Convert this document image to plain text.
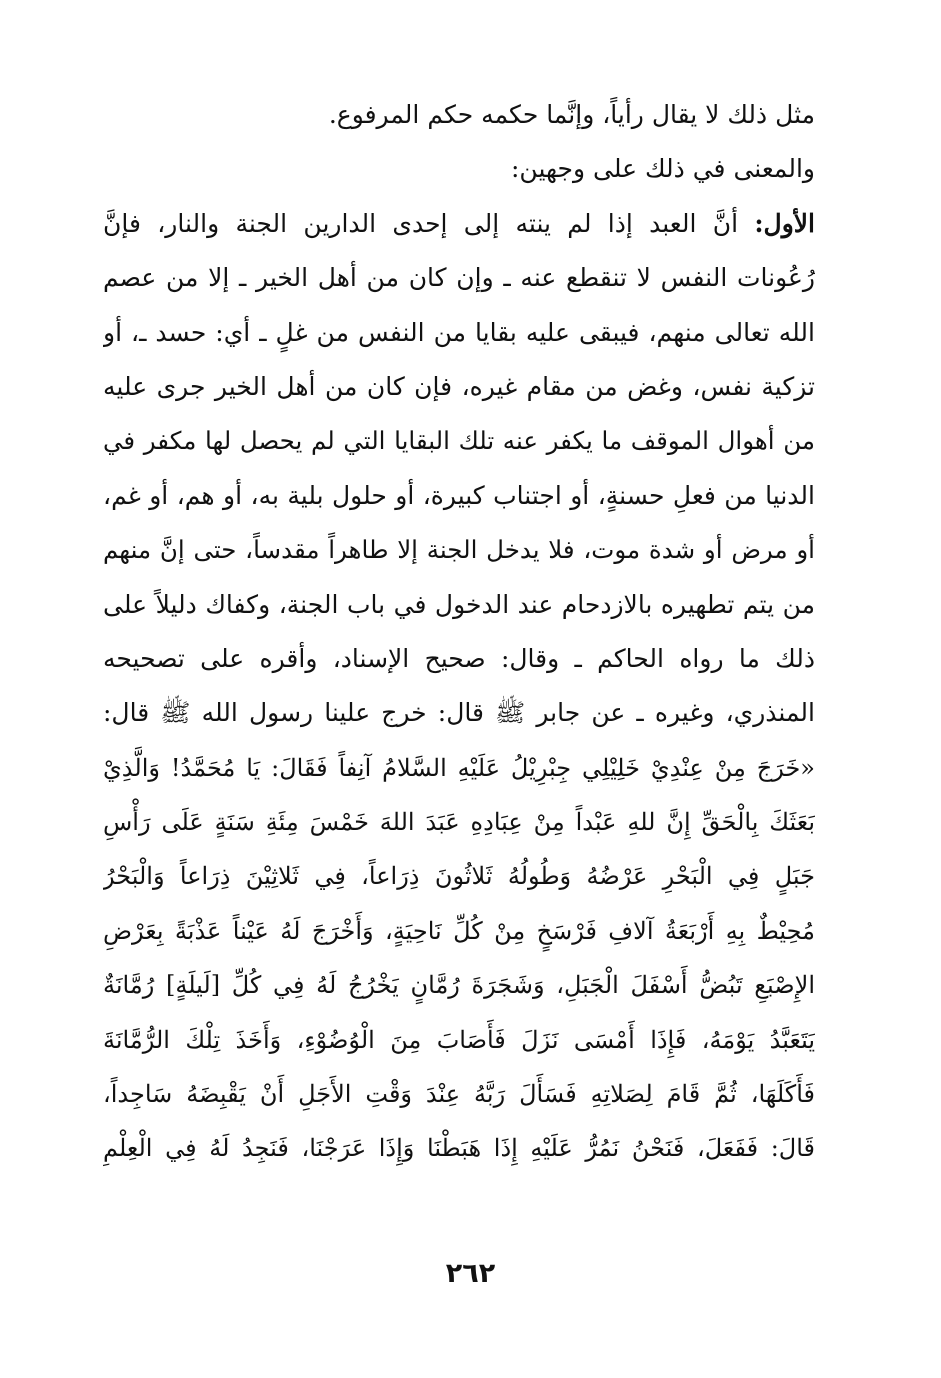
مثل ذلك لا يقال رأياً، وإنَّما حكمه حكم المرفوع.
والمعنى في ذلك على وجهين:
الأول: أنَّ العبد إذا لم ينته إلى إحدى الدارين الجنة والنار، فإنَّ
رُعُونات النفس لا تنقطع عنه ـ وإن كان من أهل الخير ـ إلا من عصم
الله تعالى منهم، فيبقى عليه بقايا من النفس من غلٍ ـ أي: حسد ـ، أو
تزكية نفس، وغض من مقام غيره، فإن كان من أهل الخير جرى عليه
من أهوال الموقف ما يكفر عنه تلك البقايا التي لم يحصل لها مكفر في
الدنيا من فعلِ حسنةٍ، أو اجتناب كبيرة، أو حلول بلية به، أو هم، أو غم،
أو مرض أو شدة موت، فلا يدخل الجنة إلا طاهراً مقدساً، حتى إنَّ منهم
من يتم تطهيره بالازدحام عند الدخول في باب الجنة، وكفاك دليلاً على
ذلك ما رواه الحاكم ـ وقال: صحيح الإسناد، وأقره على تصحيحه
المنذري، وغيره ـ عن جابر ﷺ قال: خرج علينا رسول الله ﷺ قال:
«خَرَجَ مِنْ عِنْدِيْ خَلِيْلِي جِبْرِيْلُ عَلَيْهِ السَّلامُ آنِفاً فَقَالَ: يَا مُحَمَّدُ! وَالَّذِيْ
بَعَثَكَ بِالْحَقِّ إِنَّ للهِ عَبْداً مِنْ عِبَادِهِ عَبَدَ اللهَ خَمْسَ مِئَةِ سَنَةٍ عَلَى رَأْسِ
جَبَلٍ فِي الْبَحْرِ عَرْضُهُ وَطُولُهُ ثَلاثُونَ ذِرَاعاً، فِي ثَلاثِيْنَ ذِرَاعاً وَالْبَحْرُ
مُحِيْطٌ بِهِ أَرْبَعَةُ آلافِ فَرْسَخٍ مِنْ كُلِّ نَاحِيَةٍ، وَأَخْرَجَ لَهُ عَيْناً عَذْبَةً بِعَرْضِ
الإِصْبَعِ تَبُضُّ أَسْفَلَ الْجَبَلِ، وَشَجَرَةَ رُمَّانٍ يَخْرُجُ لَهُ فِي كُلِّ [لَيلَةٍ] رُمَّانَةٌ
يَتَعَبَّدُ يَوْمَهُ، فَإِذَا أَمْسَى نَزَلَ فَأَصَابَ مِنَ الْوُضُوْءِ، وَأَخَذَ تِلْكَ الرُّمَّانَةَ
فَأَكَلَهَا، ثُمَّ قَامَ لِصَلاتِهِ فَسَأَلَ رَبَّهُ عِنْدَ وَقْتِ الأَجَلِ أَنْ يَقْبِضَهُ سَاجِداً،
قَالَ: فَفَعَلَ، فَنَحْنُ نَمُرُّ عَلَيْهِ إِذَا هَبَطْنَا وَإِذَا عَرَجْنَا، فَنَجِدُ لَهُ فِي الْعِلْمِ
٢٦٢
